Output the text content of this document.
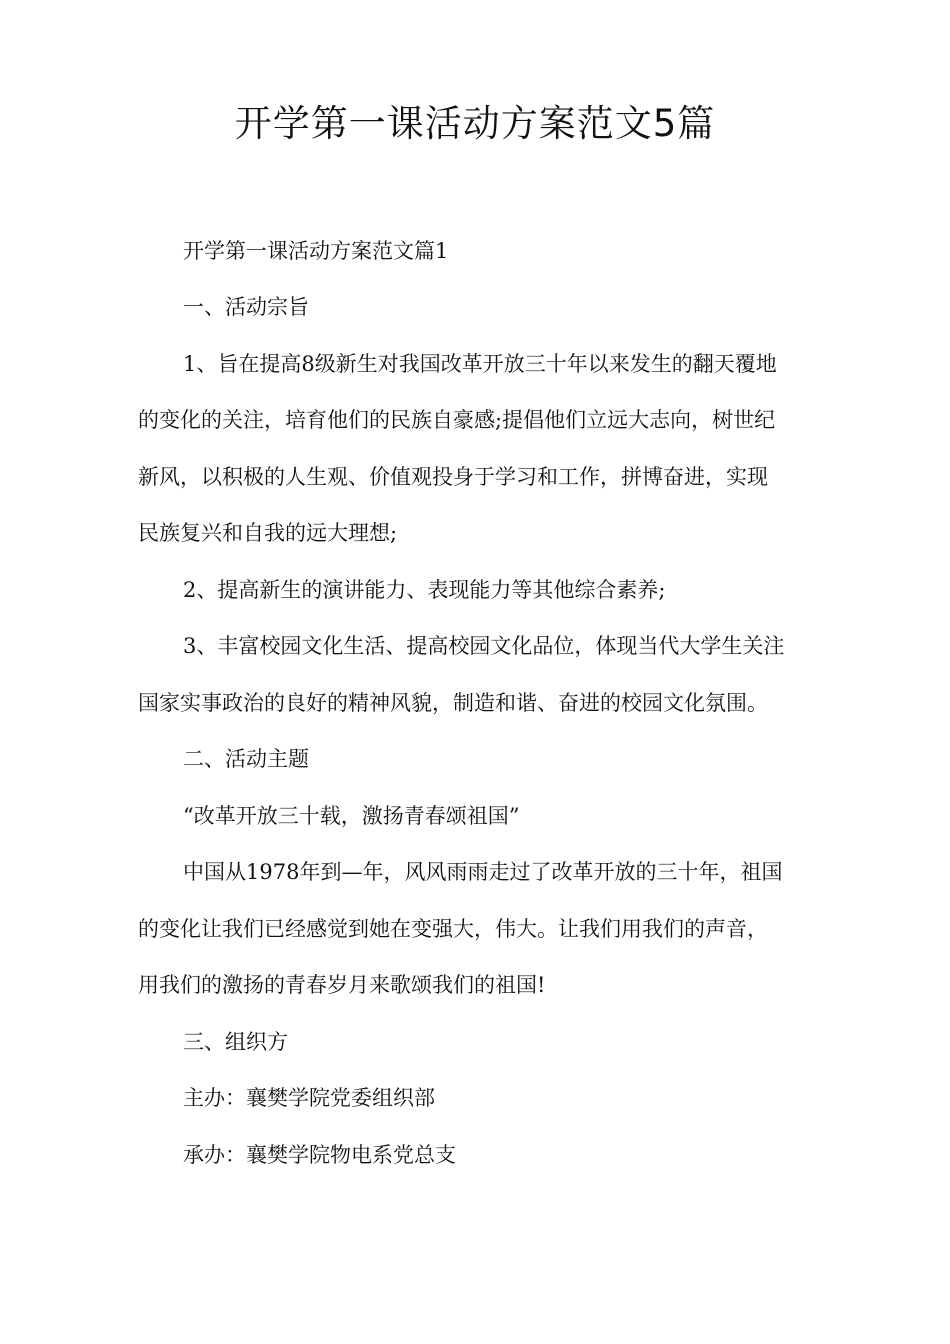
开学第一课活动方案范文5篇

开学第一课活动方案范文篇1

一、活动宗旨

1、旨在提高8级新生对我国改革开放三十年以来发生的翻天覆地

的变化的关注，培育他们的民族自豪感;提倡他们立远大志向，树世纪

新风，以积极的人生观、价值观投身于学习和工作，拼博奋进，实现

民族复兴和自我的远大理想;

2、提高新生的演讲能力、表现能力等其他综合素养;

3、丰富校园文化生活、提高校园文化品位，体现当代大学生关注

国家实事政治的良好的精神风貌，制造和谐、奋进的校园文化氛围。

二、活动主题

“改革开放三十载，激扬青春颂祖国”

中国从1978年到—年，风风雨雨走过了改革开放的三十年，祖国

的变化让我们已经感觉到她在变强大，伟大。让我们用我们的声音，

用我们的激扬的青春岁月来歌颂我们的祖国!

三、组织方

主办：襄樊学院党委组织部

承办：襄樊学院物电系党总支
